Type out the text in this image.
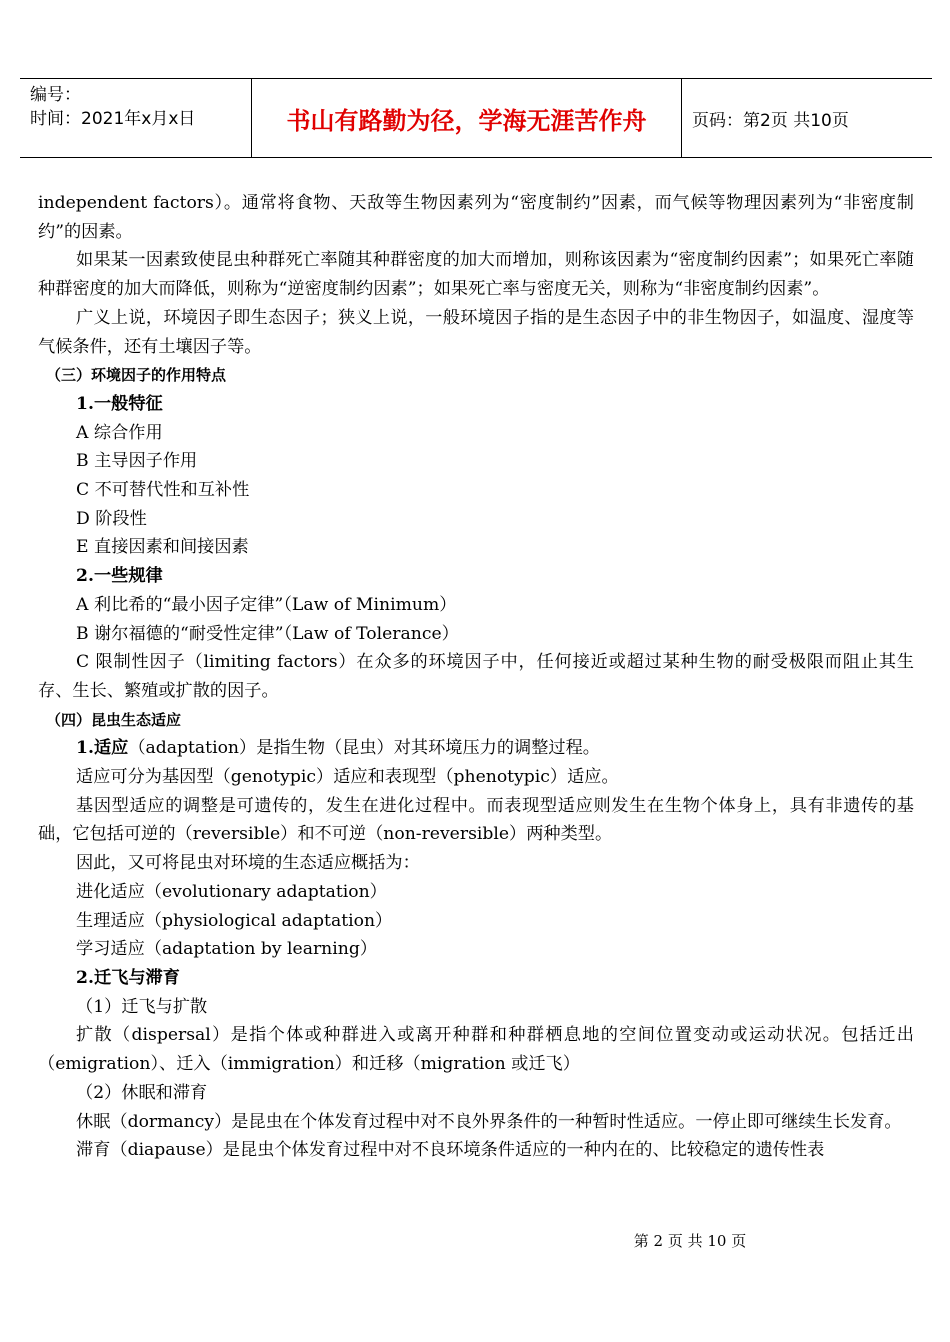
编号：
时间：2021年x月x日	书山有路勤为径，学海无涯苦作舟	页码：第2页 共10页

independent factors）。通常将食物、天敌等生物因素列为“密度制约”因素，而气候等物理因素列为“非密度制约”的因素。

如果某一因素致使昆虫种群死亡率随其种群密度的加大而增加，则称该因素为“密度制约因素”；如果死亡率随种群密度的加大而降低，则称为“逆密度制约因素”；如果死亡率与密度无关，则称为“非密度制约因素”。

广义上说，环境因子即生态因子；狭义上说，一般环境因子指的是生态因子中的非生物因子，如温度、湿度等气候条件，还有土壤因子等。

（三）环境因子的作用特点

1.一般特征

A 综合作用

B 主导因子作用

C 不可替代性和互补性

D 阶段性

E 直接因素和间接因素

2.一些规律

A 利比希的“最小因子定律”（Law of Minimum）

B 谢尔福德的“耐受性定律”（Law of Tolerance）

C 限制性因子（limiting factors）在众多的环境因子中，任何接近或超过某种生物的耐受极限而阻止其生存、生长、繁殖或扩散的因子。

（四）昆虫生态适应

1.适应（adaptation）是指生物（昆虫）对其环境压力的调整过程。

适应可分为基因型（genotypic）适应和表现型（phenotypic）适应。

基因型适应的调整是可遗传的，发生在进化过程中。而表现型适应则发生在生物个体身上，具有非遗传的基础，它包括可逆的（reversible）和不可逆（non-reversible）两种类型。

因此，又可将昆虫对环境的生态适应概括为：

进化适应（evolutionary adaptation）

生理适应（physiological adaptation）

学习适应（adaptation by learning）

2.迁飞与滞育

（1）迁飞与扩散

扩散（dispersal）是指个体或种群进入或离开种群和种群栖息地的空间位置变动或运动状况。包括迁出（emigration）、迁入（immigration）和迁移（migration 或迁飞）

（2）休眠和滞育

休眠（dormancy）是昆虫在个体发育过程中对不良外界条件的一种暂时性适应。一停止即可继续生长发育。

滞育（diapause）是昆虫个体发育过程中对不良环境条件适应的一种内在的、比较稳定的遗传性表

第 2 页 共 10 页
